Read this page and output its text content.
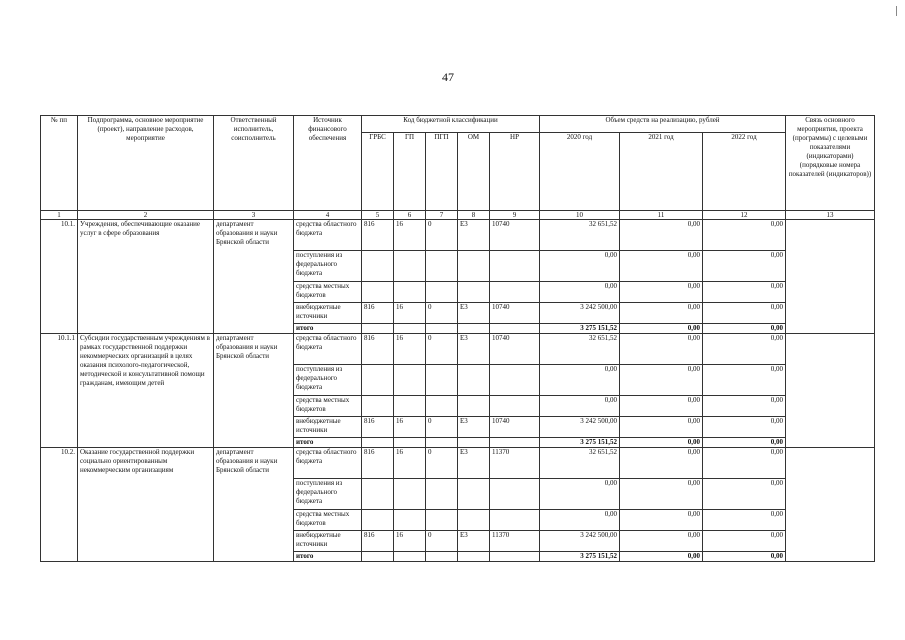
47
№ пп	Подпрограмма, основное мероприятие (проект), направление расходов, мероприятие	Ответственный исполнитель, соисполнитель	Источник финансового обеспечения	Код бюджетной классификации					Объем средств на реализацию, рублей			Связь основного мероприятия, проекта (программы) с целевыми показателями (индикаторами) (порядковые номера показателей (индикаторов))
				ГРБС	ГП	ПГП	ОМ	НР	2020 год	2021 год	2022 год	
1	2	3	4	5	6	7	8	9	10	11	12	13
10.1.	Учреждения, обеспечивающие оказание услуг в сфере образования	департамент образования и науки Брянской области	средства областного бюджета	816	16	0	Е3	10740	32 651,52	0,00	0,00	
			поступления из федерального бюджета						0,00	0,00	0,00	
			средства местных бюджетов						0,00	0,00	0,00	
			внебюджетные источники	816	16	0	Е3	10740	3 242 500,00	0,00	0,00	
			итого						3 275 151,52	0,00	0,00	
10.1.1	Субсидии государственным учреждениям в рамках государственной поддержки некоммерческих организаций в целях оказания психолого-педагогической, методической и консультативной помощи гражданам, имеющим детей	департамент образования и науки Брянской области	средства областного бюджета	816	16	0	Е3	10740	32 651,52	0,00	0,00	
			поступления из федерального бюджета						0,00	0,00	0,00	
			средства местных бюджетов						0,00	0,00	0,00	
			внебюджетные источники	816	16	0	Е3	10740	3 242 500,00	0,00	0,00	
			итого						3 275 151,52	0,00	0,00	
10.2.	Оказание государственной поддержки социально ориентированным некоммерческим организациям	департамент образования и науки Брянской области	средства областного бюджета	816	16	0	Е3	11370	32 651,52	0,00	0,00	
			поступления из федерального бюджета						0,00	0,00	0,00	
			средства местных бюджетов						0,00	0,00	0,00	
			внебюджетные источники	816	16	0	Е3	11370	3 242 500,00	0,00	0,00	
			итого						3 275 151,52	0,00	0,00	
